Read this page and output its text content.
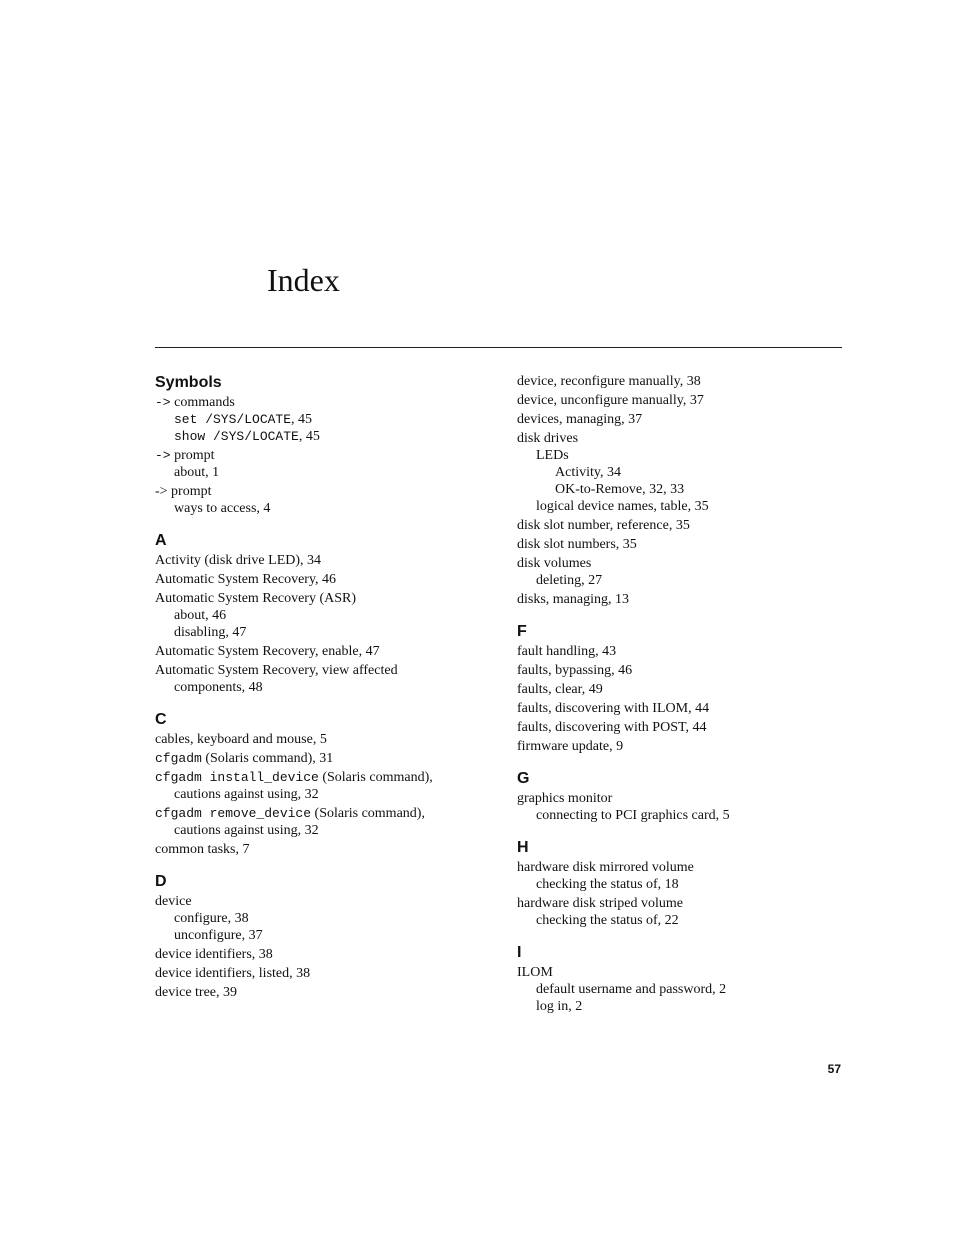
Index
Symbols
-> commands
set /SYS/LOCATE, 45
show /SYS/LOCATE, 45
-> prompt
about, 1
-> prompt
ways to access, 4
A
Activity (disk drive LED), 34
Automatic System Recovery, 46
Automatic System Recovery (ASR)
about, 46
disabling, 47
Automatic System Recovery, enable, 47
Automatic System Recovery, view affected
components, 48
C
cables, keyboard and mouse, 5
cfgadm (Solaris command), 31
cfgadm install_device (Solaris command),
cautions against using, 32
cfgadm remove_device (Solaris command),
cautions against using, 32
common tasks, 7
D
device
configure, 38
unconfigure, 37
device identifiers, 38
device identifiers, listed, 38
device tree, 39
device, reconfigure manually, 38
device, unconfigure manually, 37
devices, managing, 37
disk drives
LEDs
Activity, 34
OK-to-Remove, 32, 33
logical device names, table, 35
disk slot number, reference, 35
disk slot numbers, 35
disk volumes
deleting, 27
disks, managing, 13
F
fault handling, 43
faults, bypassing, 46
faults, clear, 49
faults, discovering with ILOM, 44
faults, discovering with POST, 44
firmware update, 9
G
graphics monitor
connecting to PCI graphics card, 5
H
hardware disk mirrored volume
checking the status of, 18
hardware disk striped volume
checking the status of, 22
I
ILOM
default username and password, 2
log in, 2
57
